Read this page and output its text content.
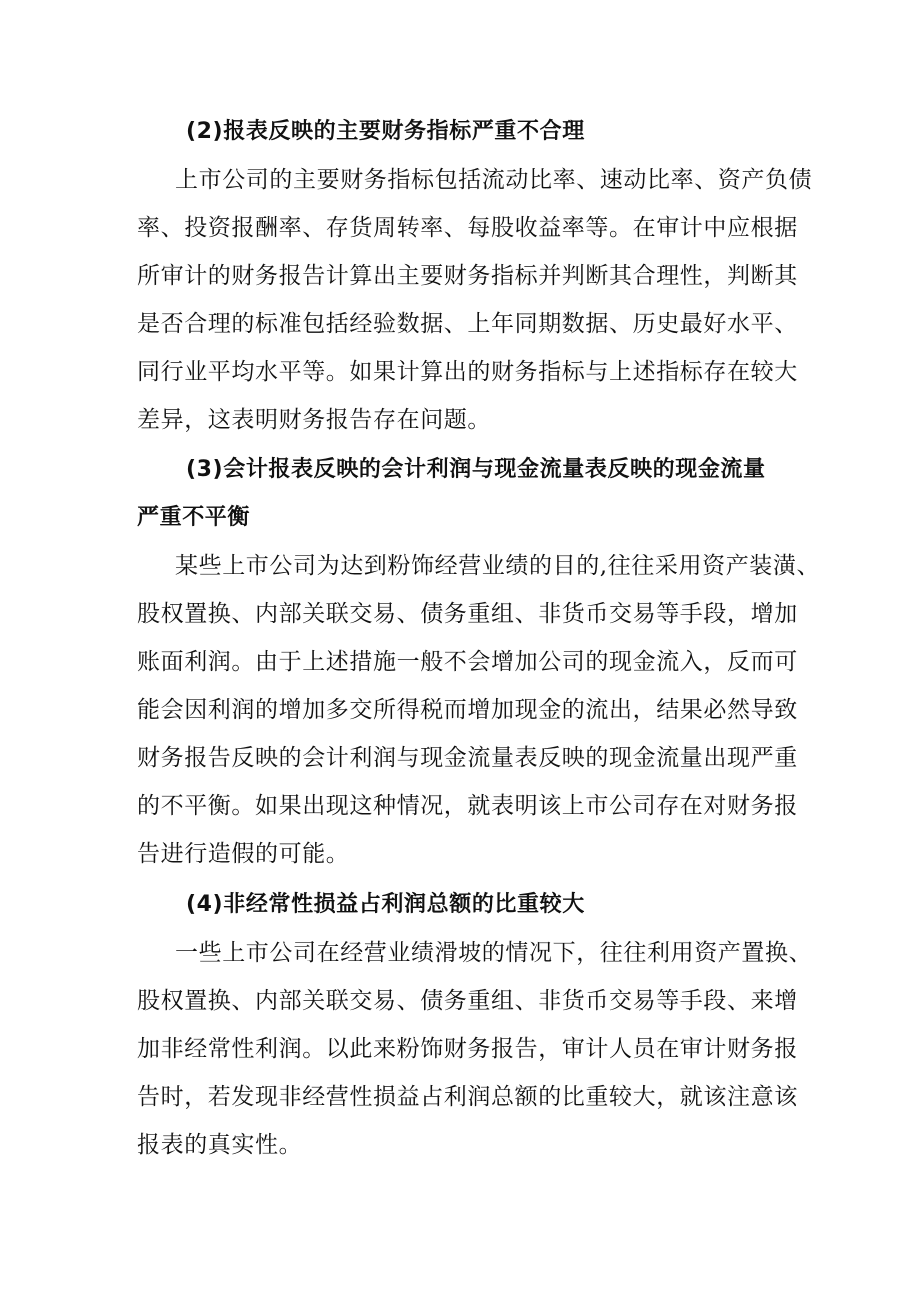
(2)报表反映的主要财务指标严重不合理
上市公司的主要财务指标包括流动比率、速动比率、资产负债
率、投资报酬率、存货周转率、每股收益率等。在审计中应根据
所审计的财务报告计算出主要财务指标并判断其合理性，判断其
是否合理的标准包括经验数据、上年同期数据、历史最好水平、
同行业平均水平等。如果计算出的财务指标与上述指标存在较大
差异，这表明财务报告存在问题。
(3)会计报表反映的会计利润与现金流量表反映的现金流量
严重不平衡
某些上市公司为达到粉饰经营业绩的目的,往往采用资产装潢、
股权置换、内部关联交易、债务重组、非货币交易等手段，增加
账面利润。由于上述措施一般不会增加公司的现金流入，反而可
能会因利润的增加多交所得税而增加现金的流出，结果必然导致
财务报告反映的会计利润与现金流量表反映的现金流量出现严重
的不平衡。如果出现这种情况，就表明该上市公司存在对财务报
告进行造假的可能。
(4)非经常性损益占利润总额的比重较大
一些上市公司在经营业绩滑坡的情况下，往往利用资产置换、
股权置换、内部关联交易、债务重组、非货币交易等手段、来增
加非经常性利润。以此来粉饰财务报告，审计人员在审计财务报
告时，若发现非经营性损益占利润总额的比重较大，就该注意该
报表的真实性。
